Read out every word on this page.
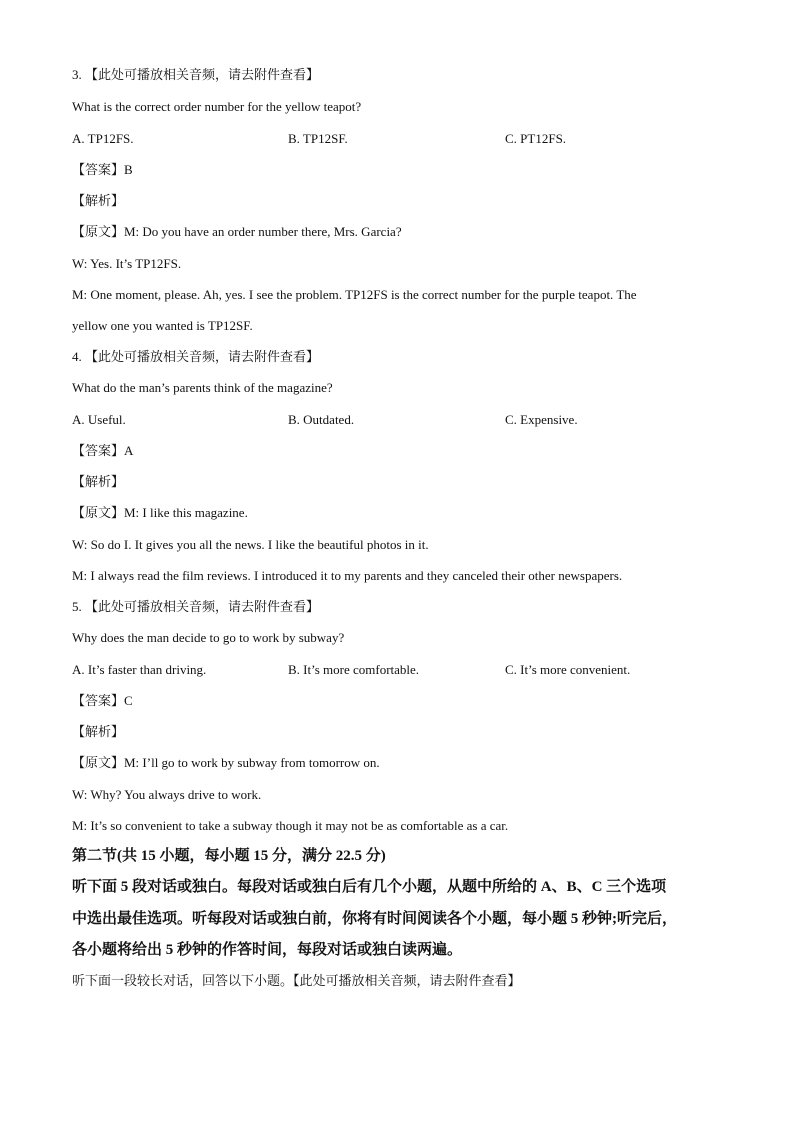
3. 【此处可播放相关音频，请去附件查看】
What is the correct order number for the yellow teapot?
A. TP12FS.	B. TP12SF.	C. PT12FS.
【答案】B
【解析】
【原文】M: Do you have an order number there, Mrs. Garcia?
W: Yes. It’s TP12FS.
M: One moment, please. Ah, yes. I see the problem. TP12FS is the correct number for the purple teapot. The
yellow one you wanted is TP12SF.
4. 【此处可播放相关音频，请去附件查看】
What do the man’s parents think of the magazine?
A. Useful.	B. Outdated.	C. Expensive.
【答案】A
【解析】
【原文】M: I like this magazine.
W: So do I. It gives you all the news. I like the beautiful photos in it.
M: I always read the film reviews. I introduced it to my parents and they canceled their other newspapers.
5. 【此处可播放相关音频，请去附件查看】
Why does the man decide to go to work by subway?
A. It’s faster than driving.	B. It’s more comfortable.	C. It’s more convenient.
【答案】C
【解析】
【原文】M: I’ll go to work by subway from tomorrow on.
W: Why? You always drive to work.
M: It’s so convenient to take a subway though it may not be as comfortable as a car.
第二节(共 15 小题，每小题 15 分，满分 22.5 分)
听下面 5 段对话或独白。每段对话或独白后有几个小题，从题中所给的 A、B、C 三个选项
中选出最佳选项。听每段对话或独白前，你将有时间阅读各个小题，每小题 5 秒钟;听完后，
各小题将给出 5 秒钟的作答时间，每段对话或独白读两遍。
听下面一段较长对话，回答以下小题。【此处可播放相关音频，请去附件查看】
